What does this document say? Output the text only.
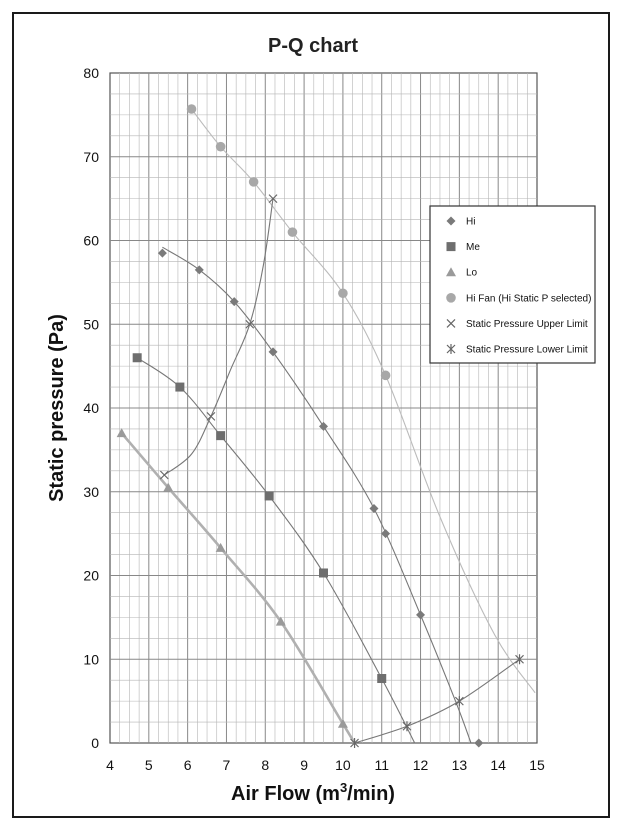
P-Q chart
4 5 6 7 8 9 10 11 12 13 14 15
0
10
20
30
40
50
60
70
80
Air Flow $(m^3/\min)$
Static pressure (Pa)
Hi
Me
Lo
Hi Fan (Hi Static P selected)
Static Pressure Upper Limit
Static Pressure Lower Limit
